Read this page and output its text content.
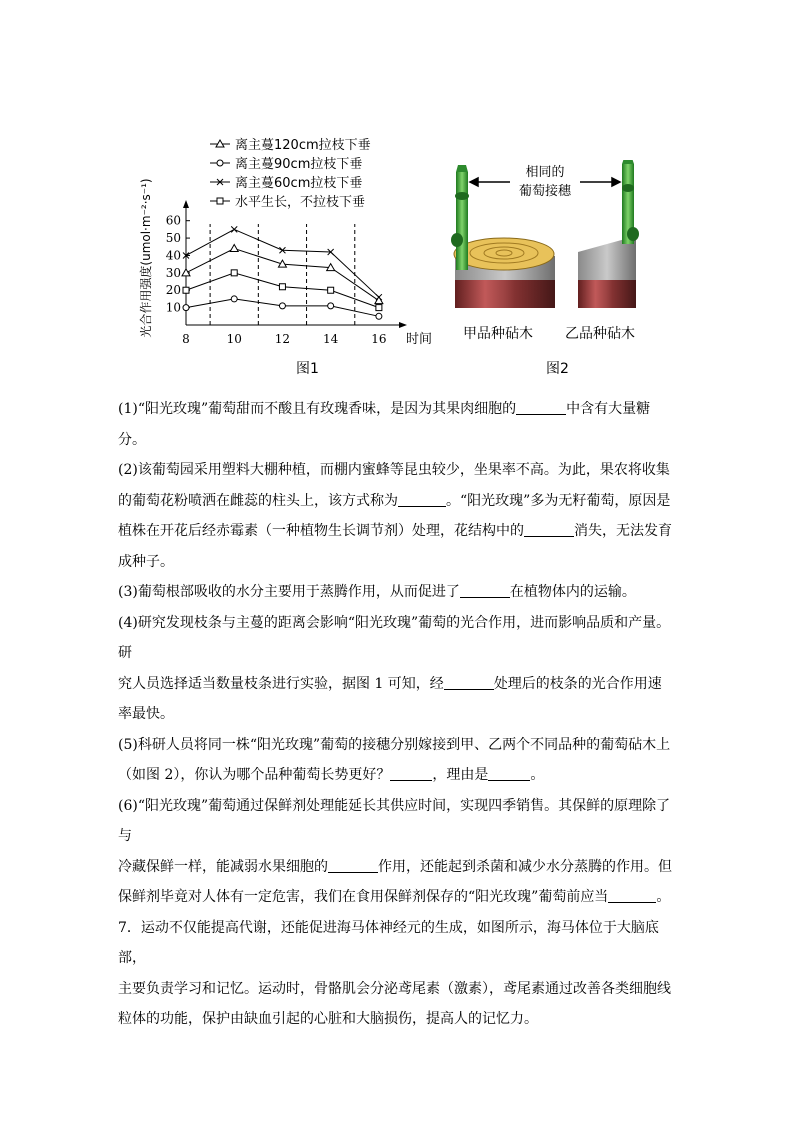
离主蔓120cm拉枝下垂
离主蔓90cm拉枝下垂
离主蔓60cm拉枝下垂
水平生长，不拉枝下垂
10
20
30
40
50
60
8	10	12	14	16 时间
光合作用强度(umol·m⁻²·s⁻¹)
图1
相同的
葡萄接穗
甲品种砧木 乙品种砧木
图2

(1)“阳光玫瑰”葡萄甜而不酸且有玫瑰香味，是因为其果肉细胞的	中含有大量糖分。

(2)该葡萄园采用塑料大棚种植，而棚内蜜蜂等昆虫较少，坐果率不高。为此，果农将收集
的葡萄花粉喷洒在雌蕊的柱头上，该方式称为	。“阳光玫瑰”多为无籽葡萄，原因是
植株在开花后经赤霉素（一种植物生长调节剂）处理，花结构中的	消失，无法发育
成种子。

(3)葡萄根部吸收的水分主要用于蒸腾作用，从而促进了	在植物体内的运输。

(4)研究发现枝条与主蔓的距离会影响“阳光玫瑰”葡萄的光合作用，进而影响品质和产量。研
究人员选择适当数量枝条进行实验，据图 1 可知，经	处理后的枝条的光合作用速
率最快。

(5)科研人员将同一株“阳光玫瑰”葡萄的接穗分别嫁接到甲、乙两个不同品种的葡萄砧木上
（如图 2），你认为哪个品种葡萄长势更好？	，理由是	。

(6)“阳光玫瑰”葡萄通过保鲜剂处理能延长其供应时间，实现四季销售。其保鲜的原理除了与
冷藏保鲜一样，能减弱水果细胞的	作用，还能起到杀菌和减少水分蒸腾的作用。但
保鲜剂毕竟对人体有一定危害，我们在食用保鲜剂保存的“阳光玫瑰”葡萄前应当	。

7．运动不仅能提高代谢，还能促进海马体神经元的生成，如图所示，海马体位于大脑底部，
主要负责学习和记忆。运动时，骨骼肌会分泌鸢尾素（激素），鸢尾素通过改善各类细胞线
粒体的功能，保护由缺血引起的心脏和大脑损伤，提高人的记忆力。
